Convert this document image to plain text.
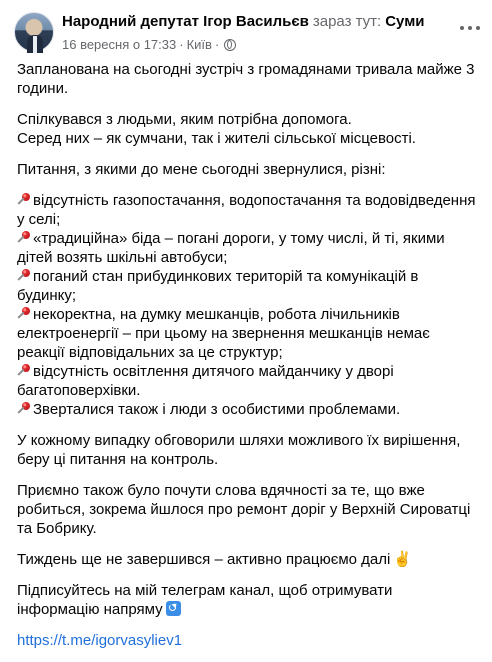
Народний депутат Ігор Васильєв зараз тут: Суми
16 вересня о 17:33 · Київ ·

Запланована на сьогодні зустріч з громадянами тривала майже 3 години.

Спілкувався з людьми, яким потрібна допомога.
Серед них – як сумчани, так і жителі сільської місцевості.

Питання, з якими до мене сьогодні звернулися, різні:

відсутність газопостачання, водопостачання та водовідведення у селі;
«традиційна» біда – погані дороги, у тому числі, й ті, якими дітей возять шкільні автобуси;
поганий стан прибудинкових територій та комунікацій в будинку;
некоректна, на думку мешканців, робота лічильників електроенергії – при цьому на звернення мешканців немає реакції відповідальних за це структур;
відсутність освітлення дитячого майданчику у дворі багатоповерхівки.
Зверталися також і люди з особистими проблемами.

У кожному випадку обговорили шляхи можливого їх вирішення, беру ці питання на контроль.

Приємно також було почути слова вдячності за те, що вже робиться, зокрема йшлося про ремонт доріг у Верхній Сироватці та Бобрику.

Тиждень ще не завершився – активно працюємо далі ✌

Підписуйтесь на мій телеграм канал, щоб отримувати інформацію напряму

https://t.me/igorvasyliev1
